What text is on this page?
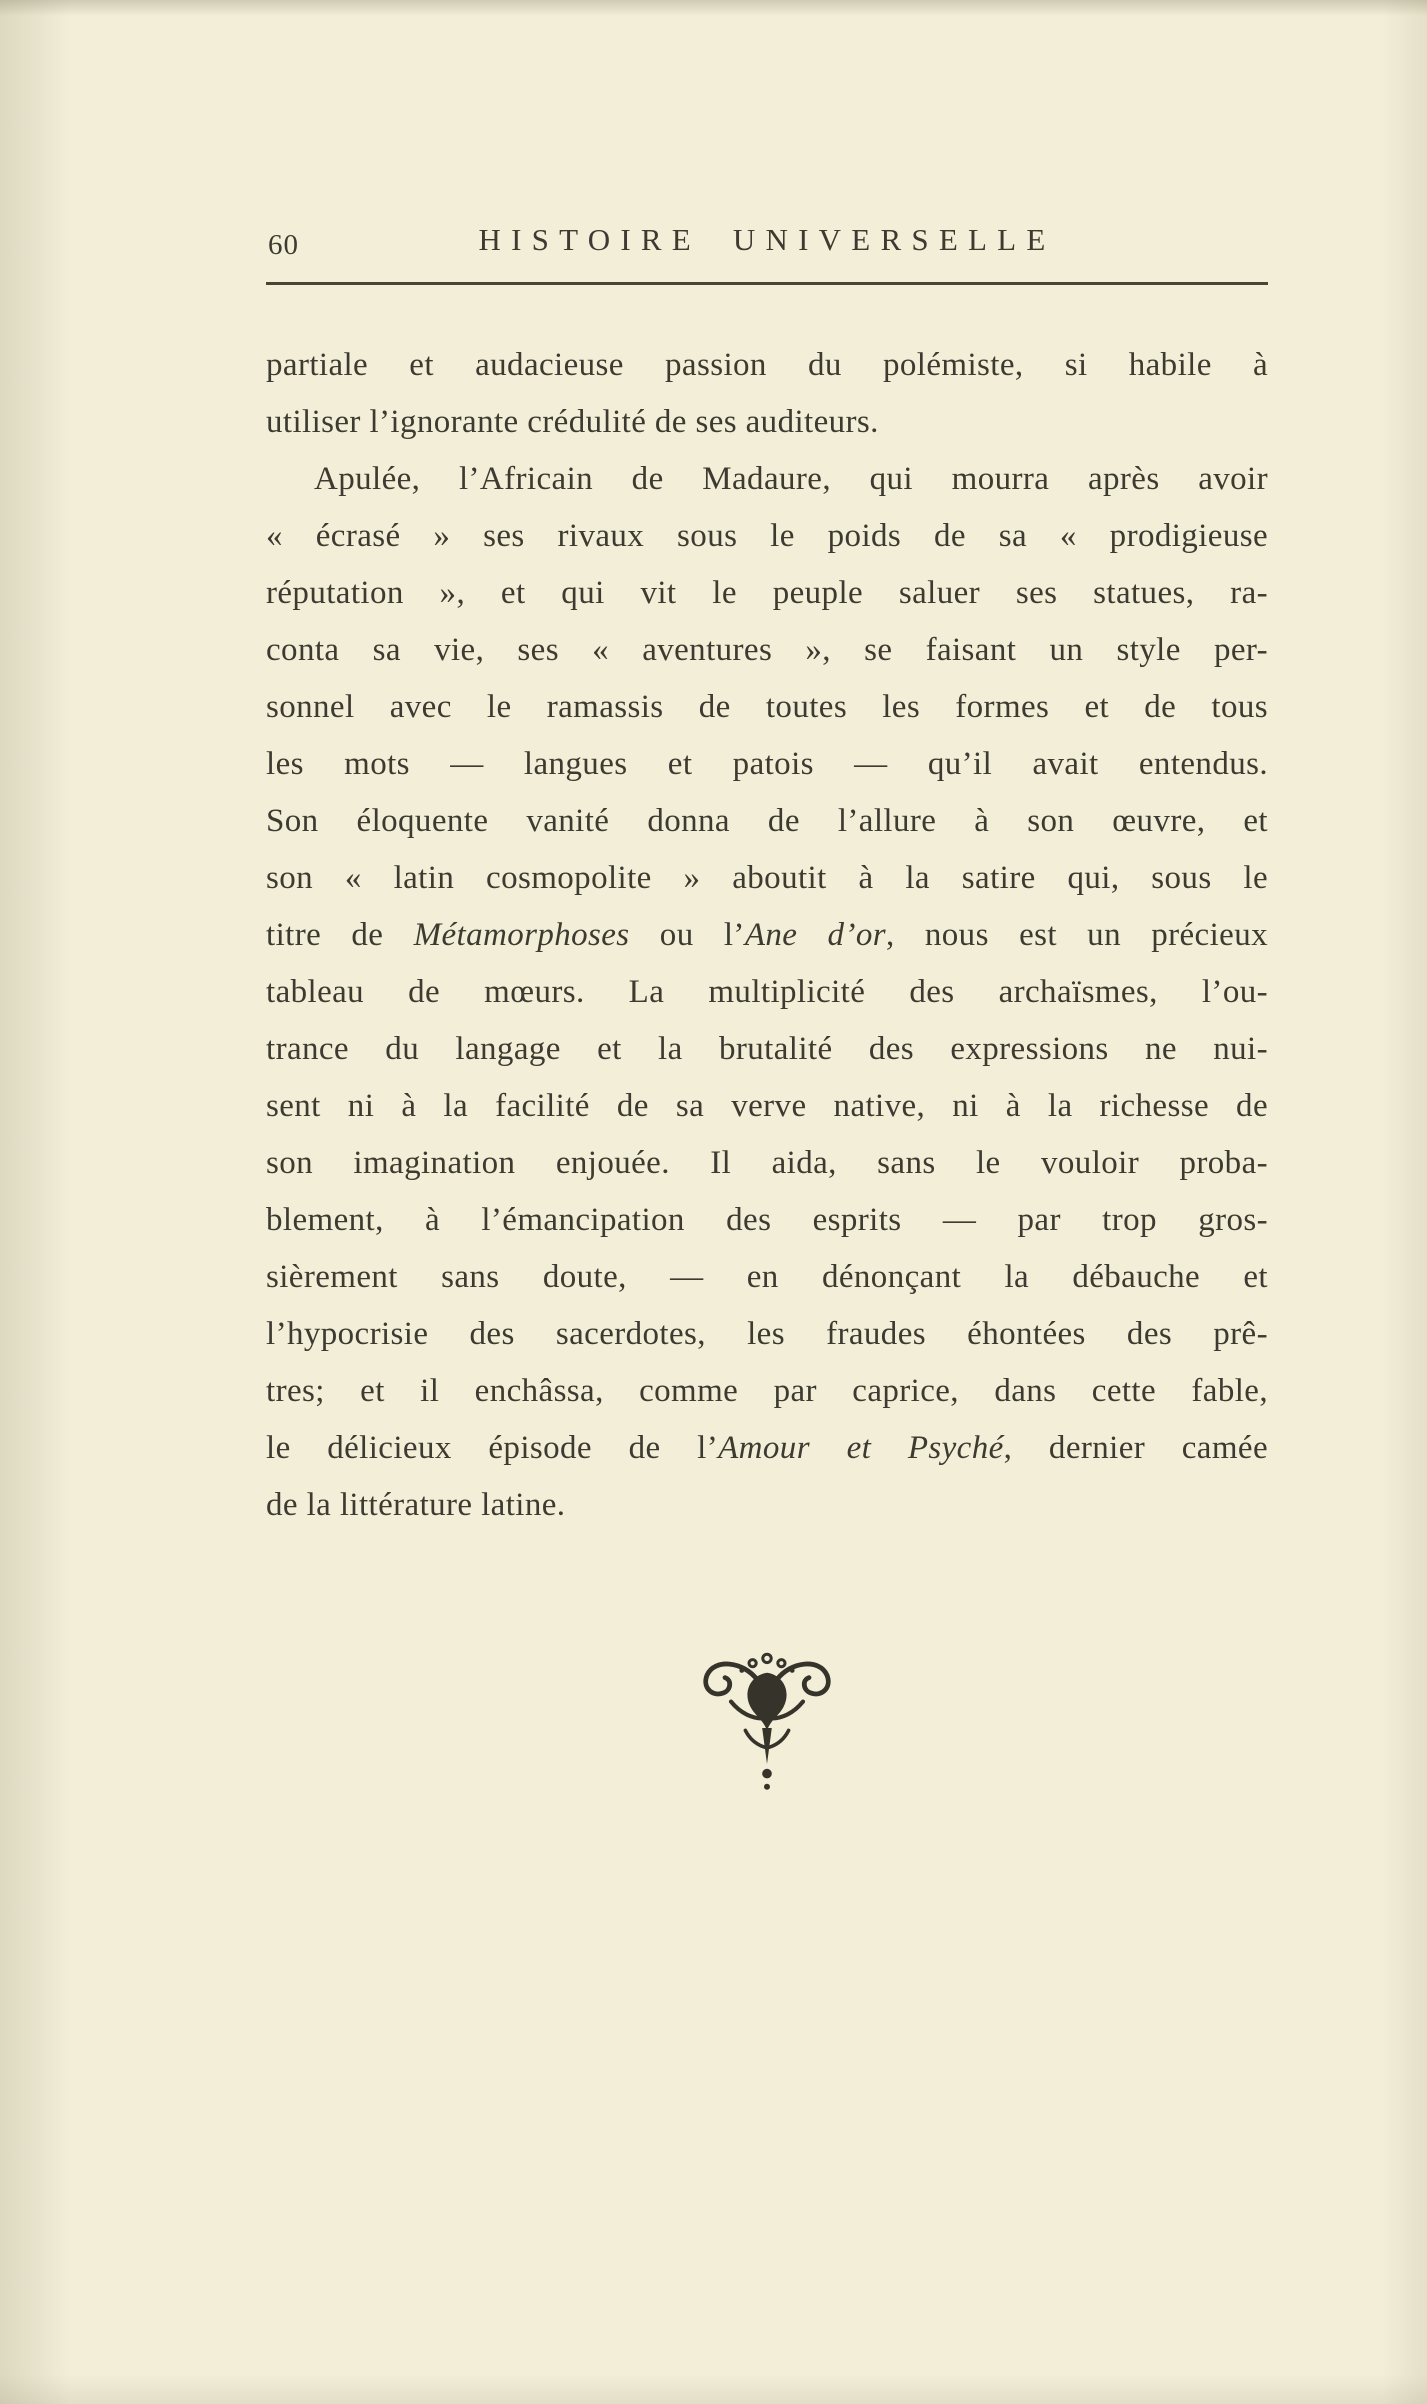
60	HISTOIRE UNIVERSELLE
partiale et audacieuse passion du polémiste, si habile à
utiliser l’ignorante crédulité de ses auditeurs.
Apulée, l’Africain de Madaure, qui mourra après avoir
« écrasé » ses rivaux sous le poids de sa « prodigieuse
réputation », et qui vit le peuple saluer ses statues, ra-
conta sa vie, ses « aventures », se faisant un style per-
sonnel avec le ramassis de toutes les formes et de tous
les mots — langues et patois — qu’il avait entendus.
Son éloquente vanité donna de l’allure à son œuvre, et
son « latin cosmopolite » aboutit à la satire qui, sous le
titre de Métamorphoses ou l’Ane d’or, nous est un précieux
tableau de mœurs. La multiplicité des archaïsmes, l’ou-
trance du langage et la brutalité des expressions ne nui-
sent ni à la facilité de sa verve native, ni à la richesse de
son imagination enjouée. Il aida, sans le vouloir proba-
blement, à l’émancipation des esprits — par trop gros-
sièrement sans doute, — en dénonçant la débauche et
l’hypocrisie des sacerdotes, les fraudes éhontées des prê-
tres; et il enchâssa, comme par caprice, dans cette fable,
le délicieux épisode de l’Amour et Psyché, dernier camée
de la littérature latine.
